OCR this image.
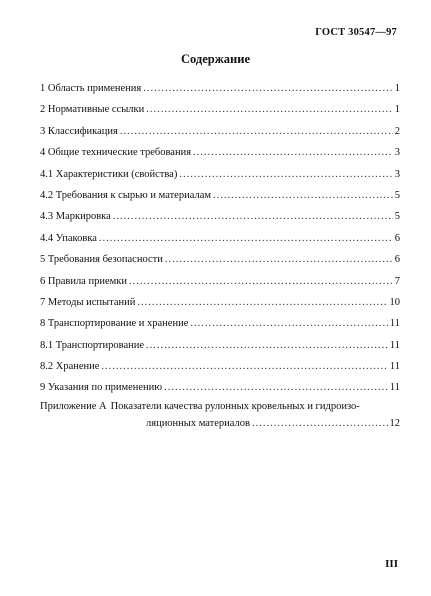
ГОСТ 30547—97
Содержание
1 Область применения .....	1
2 Нормативные ссылки .....	1
3 Классификация .....	2
4 Общие технические требования .....	3
4.1 Характеристики (свойства) .....	3
4.2 Требования к сырью и материалам .....	5
4.3 Маркировка .....	5
4.4 Упаковка .....	6
5 Требования безопасности .....	6
6 Правила приемки .....	7
7 Методы испытаний .....	10
8 Транспортирование и хранение .....	11
8.1 Транспортирование .....	11
8.2 Хранение .....	11
9 Указания по применению .....	11
Приложение А Показатели качества рулонных кровельных и гидроизо-
ляционных материалов .....	12
III
